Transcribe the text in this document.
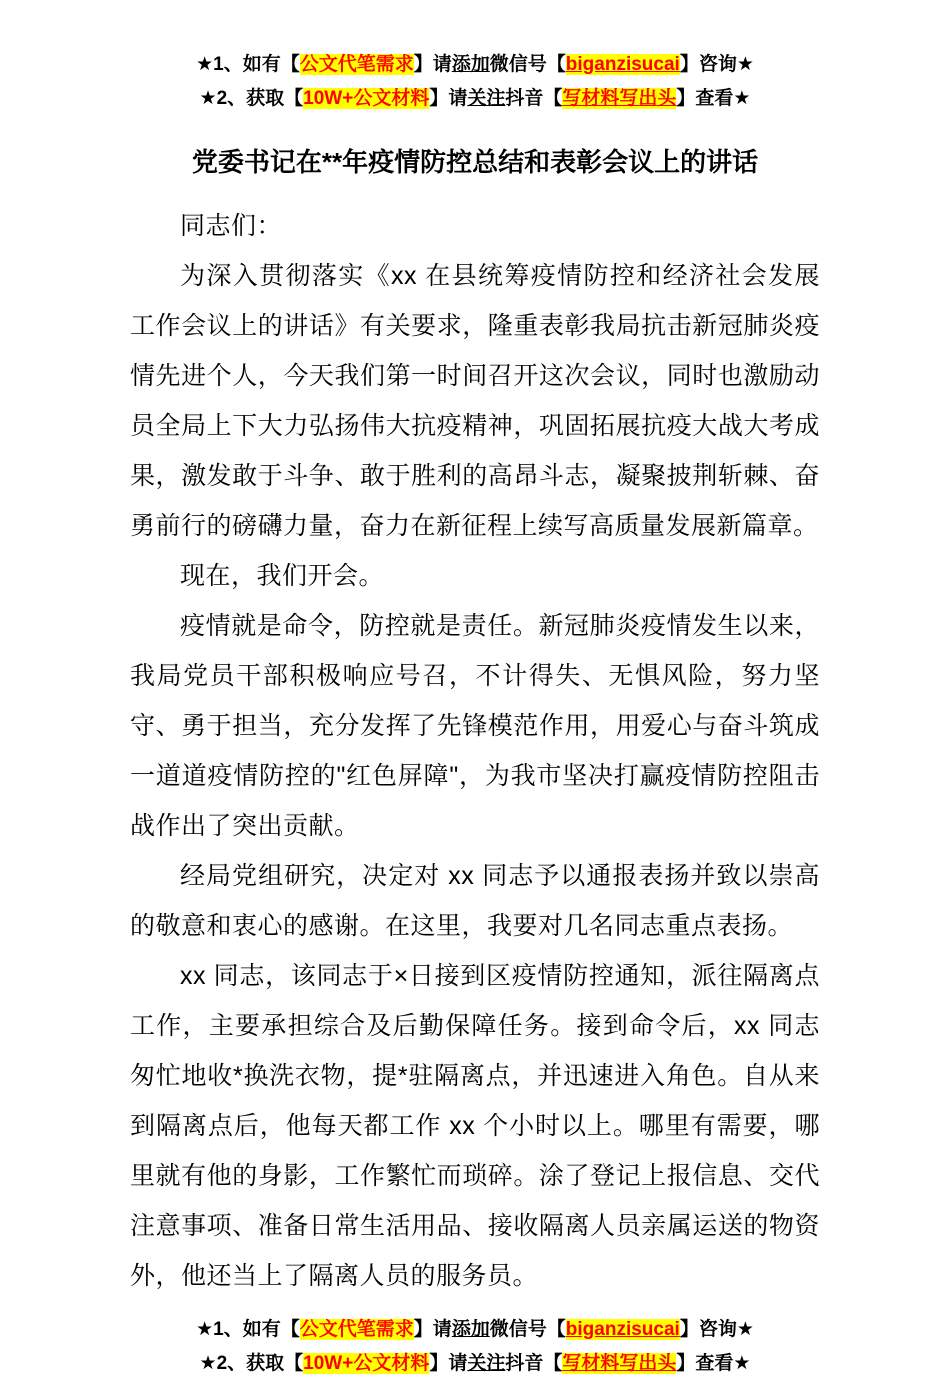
★1、如有【公文代笔需求】请添加微信号【biganzisucai】咨询★
★2、获取【10W+公文材料】请关注抖音【写材料写出头】查看★
党委书记在**年疫情防控总结和表彰会议上的讲话

同志们：

为深入贯彻落实《xx 在县统筹疫情防控和经济社会发展工作会议上的讲话》有关要求，隆重表彰我局抗击新冠肺炎疫情先进个人，今天我们第一时间召开这次会议，同时也激励动员全局上下大力弘扬伟大抗疫精神，巩固拓展抗疫大战大考成果，激发敢于斗争、敢于胜利的高昂斗志，凝聚披荆斩棘、奋勇前行的磅礴力量，奋力在新征程上续写高质量发展新篇章。

现在，我们开会。

疫情就是命令，防控就是责任。新冠肺炎疫情发生以来，我局党员干部积极响应号召，不计得失、无惧风险，努力坚守、勇于担当，充分发挥了先锋模范作用，用爱心与奋斗筑成一道道疫情防控的"红色屏障"，为我市坚决打赢疫情防控阻击战作出了突出贡献。

经局党组研究，决定对 xx 同志予以通报表扬并致以崇高的敬意和衷心的感谢。在这里，我要对几名同志重点表扬。

xx 同志，该同志于×日接到区疫情防控通知，派往隔离点工作，主要承担综合及后勤保障任务。接到命令后，xx 同志匆忙地收*换洗衣物，提*驻隔离点，并迅速进入角色。自从来到隔离点后，他每天都工作 xx 个小时以上。哪里有需要，哪里就有他的身影，工作繁忙而琐碎。涂了登记上报信息、交代注意事项、准备日常生活用品、接收隔离人员亲属运送的物资外，他还当上了隔离人员的服务员。

★1、如有【公文代笔需求】请添加微信号【biganzisucai】咨询★
★2、获取【10W+公文材料】请关注抖音【写材料写出头】查看★
